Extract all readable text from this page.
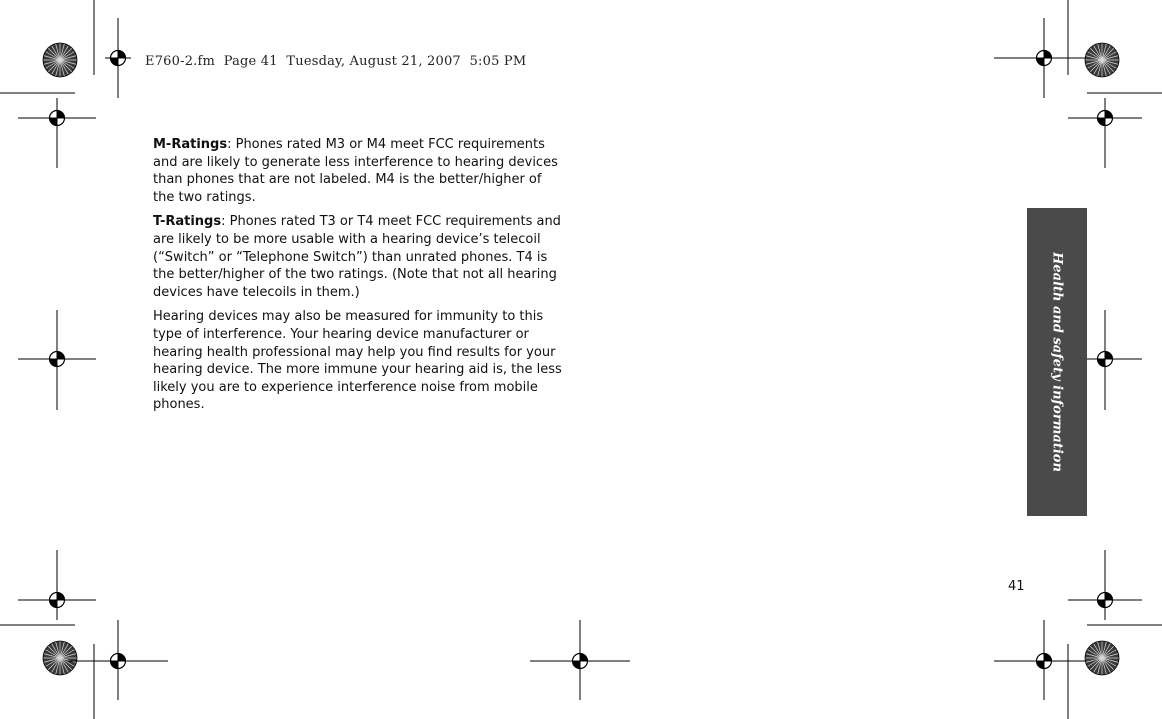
E760-2.fm  Page 41  Tuesday, August 21, 2007  5:05 PM

M-Ratings: Phones rated M3 or M4 meet FCC requirements and are likely to generate less interference to hearing devices than phones that are not labeled. M4 is the better/higher of the two ratings.

T-Ratings: Phones rated T3 or T4 meet FCC requirements and are likely to be more usable with a hearing device’s telecoil (“Switch” or “Telephone Switch”) than unrated phones. T4 is the better/higher of the two ratings. (Note that not all hearing devices have telecoils in them.)

Hearing devices may also be measured for immunity to this type of interference. Your hearing device manufacturer or hearing health professional may help you find results for your hearing device. The more immune your hearing aid is, the less likely you are to experience interference noise from mobile phones.	Health and safety information
41
